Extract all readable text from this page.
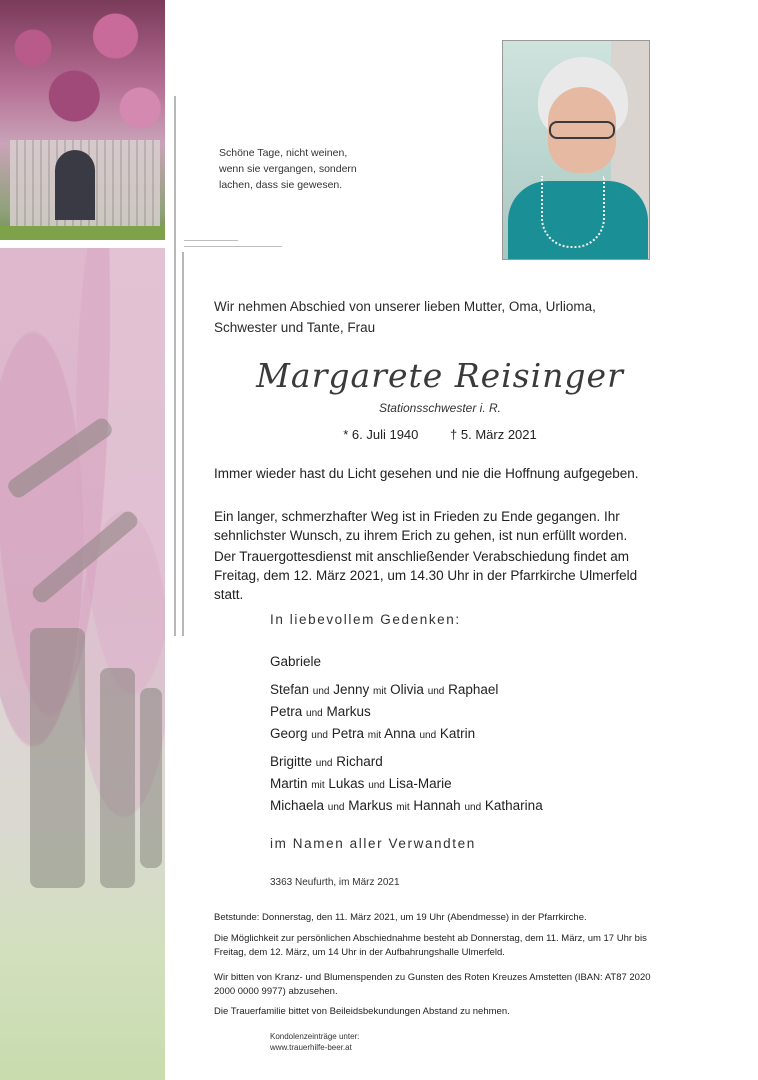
Schöne Tage, nicht weinen,
wenn sie vergangen, sondern
lachen, dass sie gewesen.
Wir nehmen Abschied von unserer lieben Mutter, Oma, Urlioma,
Schwester und Tante, Frau
Margarete Reisinger
Stationsschwester i. R.
* 6. Juli 1940 † 5. März 2021
Immer wieder hast du Licht gesehen und nie die Hoffnung aufgegeben.
Ein langer, schmerzhafter Weg ist in Frieden zu Ende gegangen. Ihr sehnlichster Wunsch, zu ihrem Erich zu gehen, ist nun erfüllt worden.
Der Trauergottesdienst mit anschließender Verabschiedung findet am Freitag, dem 12. März 2021, um 14.30 Uhr in der Pfarrkirche Ulmerfeld statt.
In liebevollem Gedenken:
Gabriele
Stefan und Jenny mit Olivia und Raphael
Petra und Markus
Georg und Petra mit Anna und Katrin
Brigitte und Richard
Martin mit Lukas und Lisa-Marie
Michaela und Markus mit Hannah und Katharina
im Namen aller Verwandten
3363 Neufurth, im März 2021
Betstunde: Donnerstag, den 11. März 2021, um 19 Uhr (Abendmesse) in der Pfarrkirche.
Die Möglichkeit zur persönlichen Abschiednahme besteht ab Donnerstag, dem 11. März, um 17 Uhr bis Freitag, dem 12. März, um 14 Uhr in der Aufbahrungshalle Ulmerfeld.
Wir bitten von Kranz- und Blumenspenden zu Gunsten des Roten Kreuzes Amstetten (IBAN: AT87 2020 2000 0000 9977) abzusehen.
Die Trauerfamilie bittet von Beileidsbekundungen Abstand zu nehmen.
Kondolenzeinträge unter:
www.trauerhilfe-beer.at
